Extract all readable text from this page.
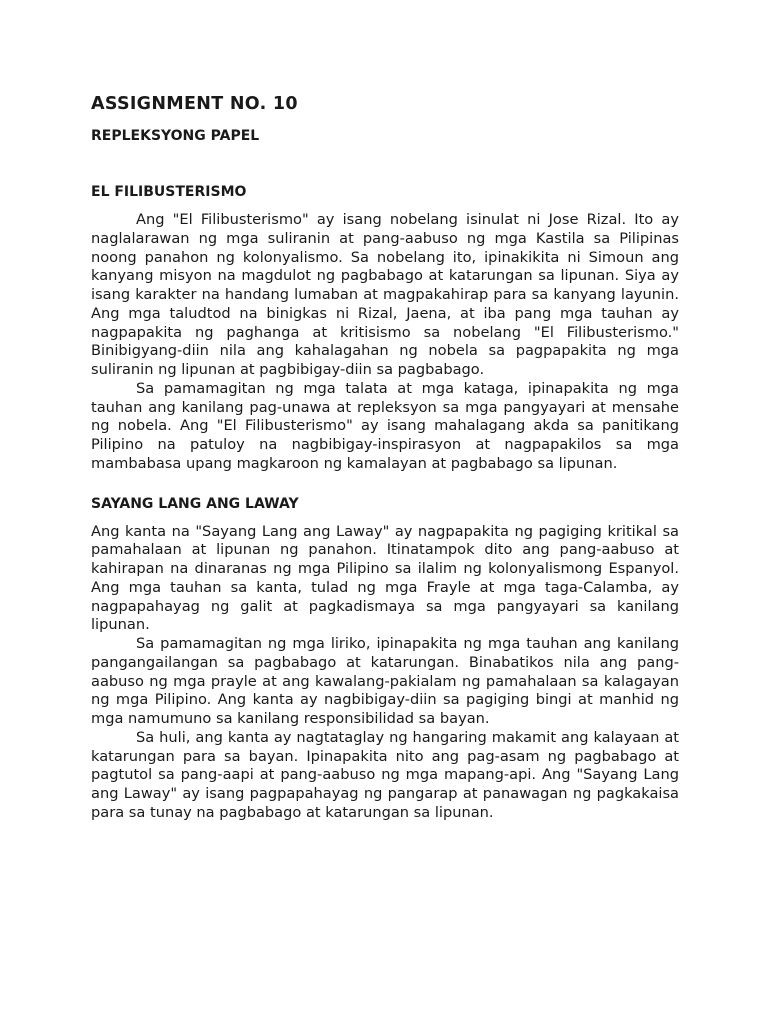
ASSIGNMENT NO. 10
REPLEKSYONG PAPEL
EL FILIBUSTERISMO

Ang "El Filibusterismo" ay isang nobelang isinulat ni Jose Rizal. Ito ay naglalarawan ng mga suliranin at pang-aabuso ng mga Kastila sa Pilipinas noong panahon ng kolonyalismo. Sa nobelang ito, ipinakikita ni Simoun ang kanyang misyon na magdulot ng pagbabago at katarungan sa lipunan. Siya ay isang karakter na handang lumaban at magpakahirap para sa kanyang layunin. Ang mga taludtod na binigkas ni Rizal, Jaena, at iba pang mga tauhan ay nagpapakita ng paghanga at kritisismo sa nobelang "El Filibusterismo." Binibigyang-diin nila ang kahalagahan ng nobela sa pagpapakita ng mga suliranin ng lipunan at pagbibigay-diin sa pagbabago.

Sa pamamagitan ng mga talata at mga kataga, ipinapakita ng mga tauhan ang kanilang pag-unawa at repleksyon sa mga pangyayari at mensahe ng nobela. Ang "El Filibusterismo" ay isang mahalagang akda sa panitikang Pilipino na patuloy na nagbibigay-inspirasyon at nagpapakilos sa mga mambabasa upang magkaroon ng kamalayan at pagbabago sa lipunan.

SAYANG LANG ANG LAWAY

Ang kanta na "Sayang Lang ang Laway" ay nagpapakita ng pagiging kritikal sa pamahalaan at lipunan ng panahon. Itinatampok dito ang pang-aabuso at kahirapan na dinaranas ng mga Pilipino sa ilalim ng kolonyalismong Espanyol. Ang mga tauhan sa kanta, tulad ng mga Frayle at mga taga-Calamba, ay nagpapahayag ng galit at pagkadismaya sa mga pangyayari sa kanilang lipunan.

Sa pamamagitan ng mga liriko, ipinapakita ng mga tauhan ang kanilang pangangailangan sa pagbabago at katarungan. Binabatikos nila ang pang-aabuso ng mga prayle at ang kawalang-pakialam ng pamahalaan sa kalagayan ng mga Pilipino. Ang kanta ay nagbibigay-diin sa pagiging bingi at manhid ng mga namumuno sa kanilang responsibilidad sa bayan.

Sa huli, ang kanta ay nagtataglay ng hangaring makamit ang kalayaan at katarungan para sa bayan. Ipinapakita nito ang pag-asam ng pagbabago at pagtutol sa pang-aapi at pang-aabuso ng mga mapang-api. Ang "Sayang Lang ang Laway" ay isang pagpapahayag ng pangarap at panawagan ng pagkakaisa para sa tunay na pagbabago at katarungan sa lipunan.
